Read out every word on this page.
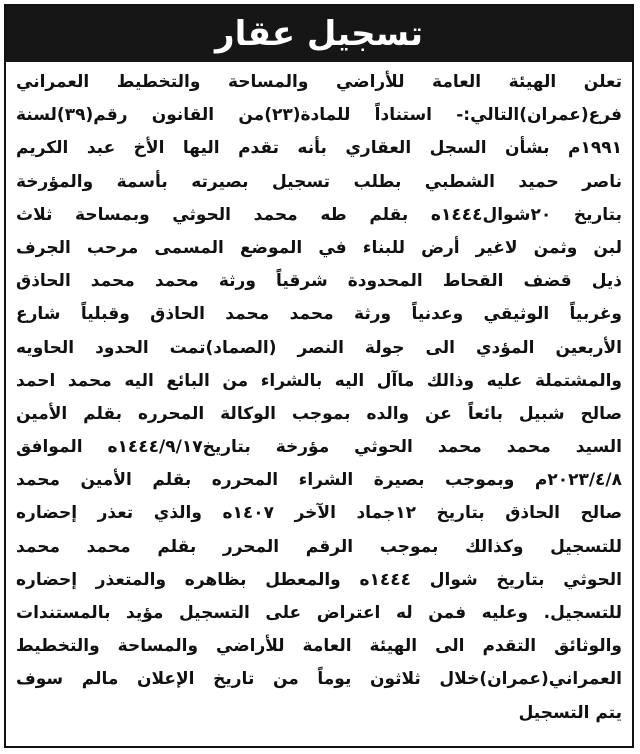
تسجيل عقار
تعلن الهيئة العامة للأراضي والمساحة والتخطيط العمراني
فرع(عمران)التالي:- استناداً للمادة(٢٣)من القانون رقم(٣٩)لسنة
١٩٩١م بشأن السجل العقاري بأنه تقدم اليها الأخ عبد الكريم
ناصر حميد الشطبي بطلب تسجيل بصيرته بأسمة والمؤرخة
بتاريخ ٢٠شوال١٤٤٤ه بقلم طه محمد الحوثي وبمساحة ثلاث
لبن وثمن لاغير أرض للبناء في الموضع المسمى مرحب الجرف
ذيل قضف القحاط المحدودة شرقياً ورثة محمد محمد الحاذق
وغربياً الوثيقي وعدنياً ورثة محمد محمد الحاذق وقبلياً شارع
الأربعين المؤدي الى جولة النصر (الصماد)تمت الحدود الحاويه
والمشتملة عليه وذالك ماآل اليه بالشراء من البائع اليه محمد احمد
صالح شبيل بائعاً عن والده بموجب الوكالة المحرره بقلم الأمين
السيد محمد محمد الحوثي مؤرخة بتاريخ١٤٤٤/٩/١٧ه الموافق
٢٠٢٣/٤/٨م وبموجب بصيرة الشراء المحرره بقلم الأمين محمد
صالح الحاذق بتاريخ ١٢جماد الآخر ١٤٠٧ه والذي تعذر إحضاره
للتسجيل وكذالك بموجب الرقم المحرر بقلم محمد محمد
الحوثي بتاريخ شوال ١٤٤٤ه والمعطل بظاهره والمتعذر إحضاره
للتسجيل. وعليه فمن له اعتراض على التسجيل مؤيد بالمستندات
والوثائق التقدم الى الهيئة العامة للأراضي والمساحة والتخطيط
العمراني(عمران)خلال ثلاثون يوماً من تاريخ الإعلان مالم سوف
يتم التسجيل
